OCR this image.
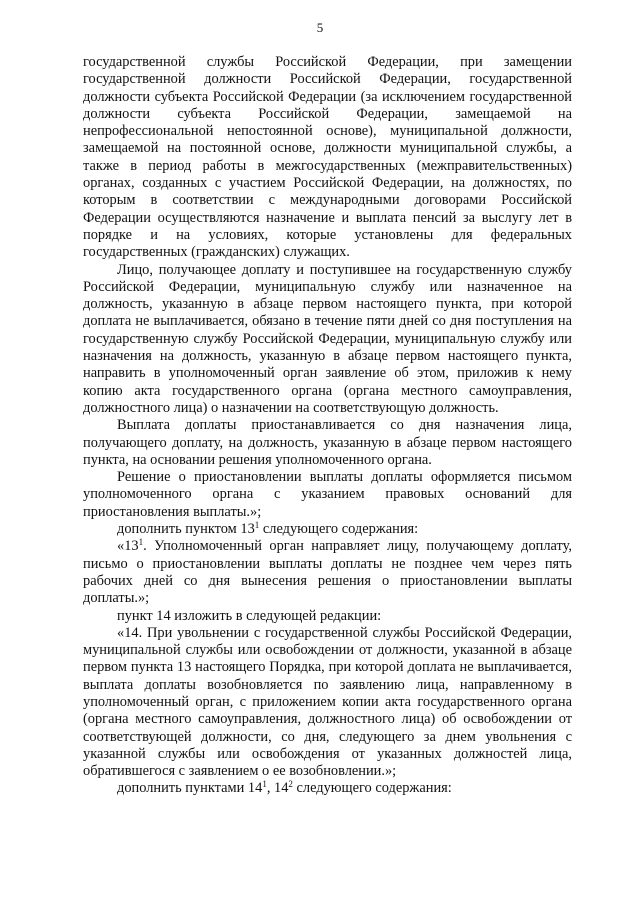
5

государственной службы Российской Федерации, при замещении государственной должности Российской Федерации, государственной должности субъекта Российской Федерации (за исключением государственной должности субъекта Российской Федерации, замещаемой на непрофессиональной непостоянной основе), муниципальной должности, замещаемой на постоянной основе, должности муниципальной службы, а также в период работы в межгосударственных (межправительственных) органах, созданных с участием Российской Федерации, на должностях, по которым в соответствии с международными договорами Российской Федерации осуществляются назначение и выплата пенсий за выслугу лет в порядке и на условиях, которые установлены для федеральных государственных (гражданских) служащих.

Лицо, получающее доплату и поступившее на государственную службу Российской Федерации, муниципальную службу или назначенное на должность, указанную в абзаце первом настоящего пункта, при которой доплата не выплачивается, обязано в течение пяти дней со дня поступления на государственную службу Российской Федерации, муниципальную службу или назначения на должность, указанную в абзаце первом настоящего пункта, направить в уполномоченный орган заявление об этом, приложив к нему копию акта государственного органа (органа местного самоуправления, должностного лица) о назначении на соответствующую должность.

Выплата доплаты приостанавливается со дня назначения лица, получающего доплату, на должность, указанную в абзаце первом настоящего пункта, на основании решения уполномоченного органа.

Решение о приостановлении выплаты доплаты оформляется письмом уполномоченного органа с указанием правовых оснований для приостановления выплаты.»;

дополнить пунктом $13^1$ следующего содержания:

«$13^1$. Уполномоченный орган направляет лицу, получающему доплату, письмо о приостановлении выплаты доплаты не позднее чем через пять рабочих дней со дня вынесения решения о приостановлении выплаты доплаты.»;

пункт 14 изложить в следующей редакции:

«14. При увольнении с государственной службы Российской Федерации, муниципальной службы или освобождении от должности, указанной в абзаце первом пункта 13 настоящего Порядка, при которой доплата не выплачивается, выплата доплаты возобновляется по заявлению лица, направленному в уполномоченный орган, с приложением копии акта государственного органа (органа местного самоуправления, должностного лица) об освобождении от соответствующей должности, со дня, следующего за днем увольнения с указанной службы или освобождения от указанных должностей лица, обратившегося с заявлением о ее возобновлении.»;

дополнить пунктами $14^1$, $14^2$ следующего содержания:
